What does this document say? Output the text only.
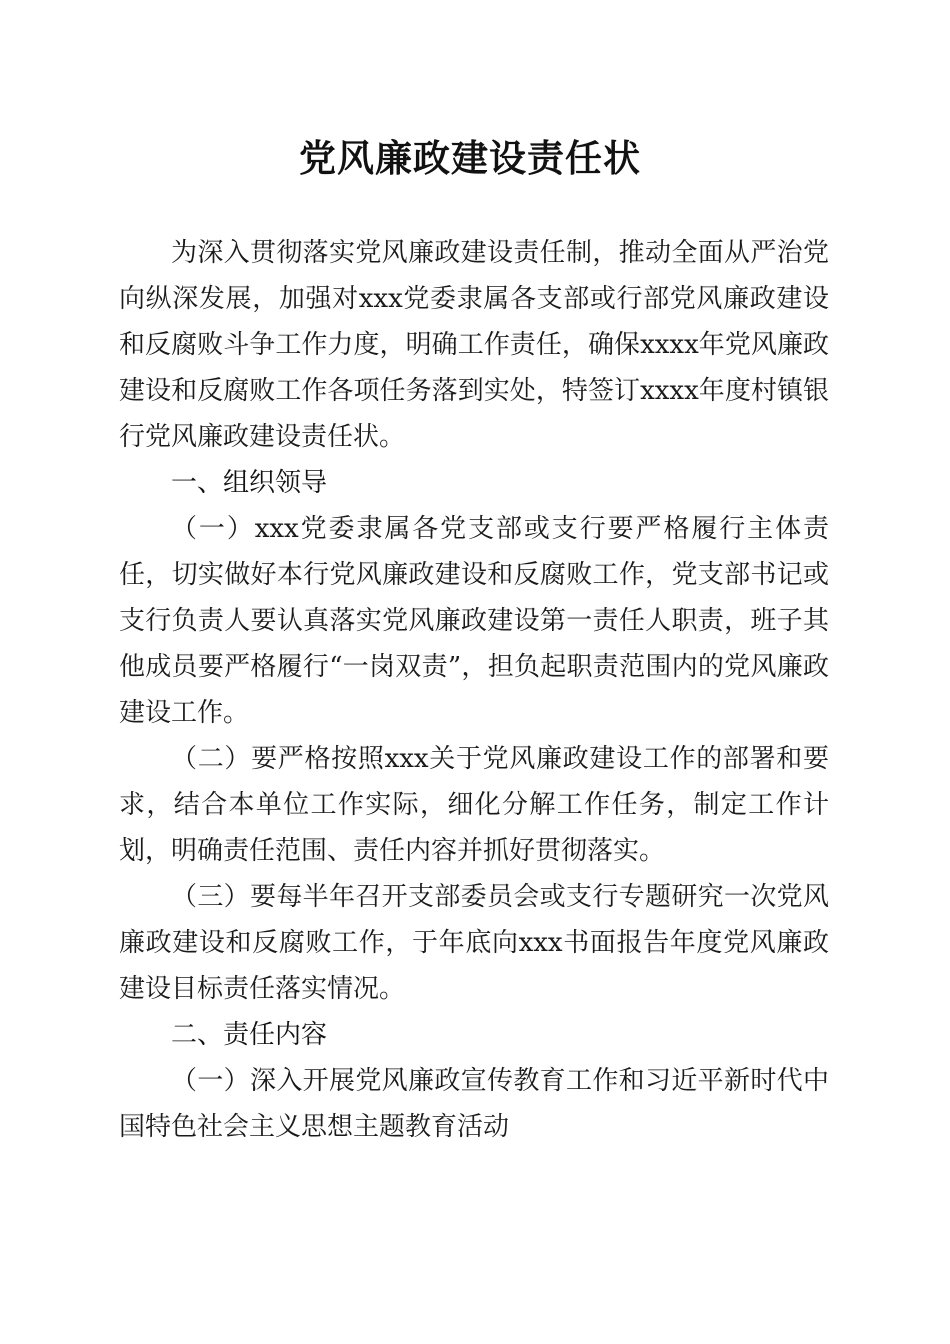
党风廉政建设责任状

为深入贯彻落实党风廉政建设责任制，推动全面从严治党向纵深发展，加强对xxx党委隶属各支部或行部党风廉政建设和反腐败斗争工作力度，明确工作责任，确保xxxx年党风廉政建设和反腐败工作各项任务落到实处，特签订xxxx年度村镇银行党风廉政建设责任状。

一、组织领导

（一）xxx党委隶属各党支部或支行要严格履行主体责任，切实做好本行党风廉政建设和反腐败工作，党支部书记或支行负责人要认真落实党风廉政建设第一责任人职责，班子其他成员要严格履行“一岗双责”，担负起职责范围内的党风廉政建设工作。

（二）要严格按照xxx关于党风廉政建设工作的部署和要求，结合本单位工作实际，细化分解工作任务，制定工作计划，明确责任范围、责任内容并抓好贯彻落实。

（三）要每半年召开支部委员会或支行专题研究一次党风廉政建设和反腐败工作，于年底向xxx书面报告年度党风廉政建设目标责任落实情况。

二、责任内容

（一）深入开展党风廉政宣传教育工作和习近平新时代中国特色社会主义思想主题教育活动
